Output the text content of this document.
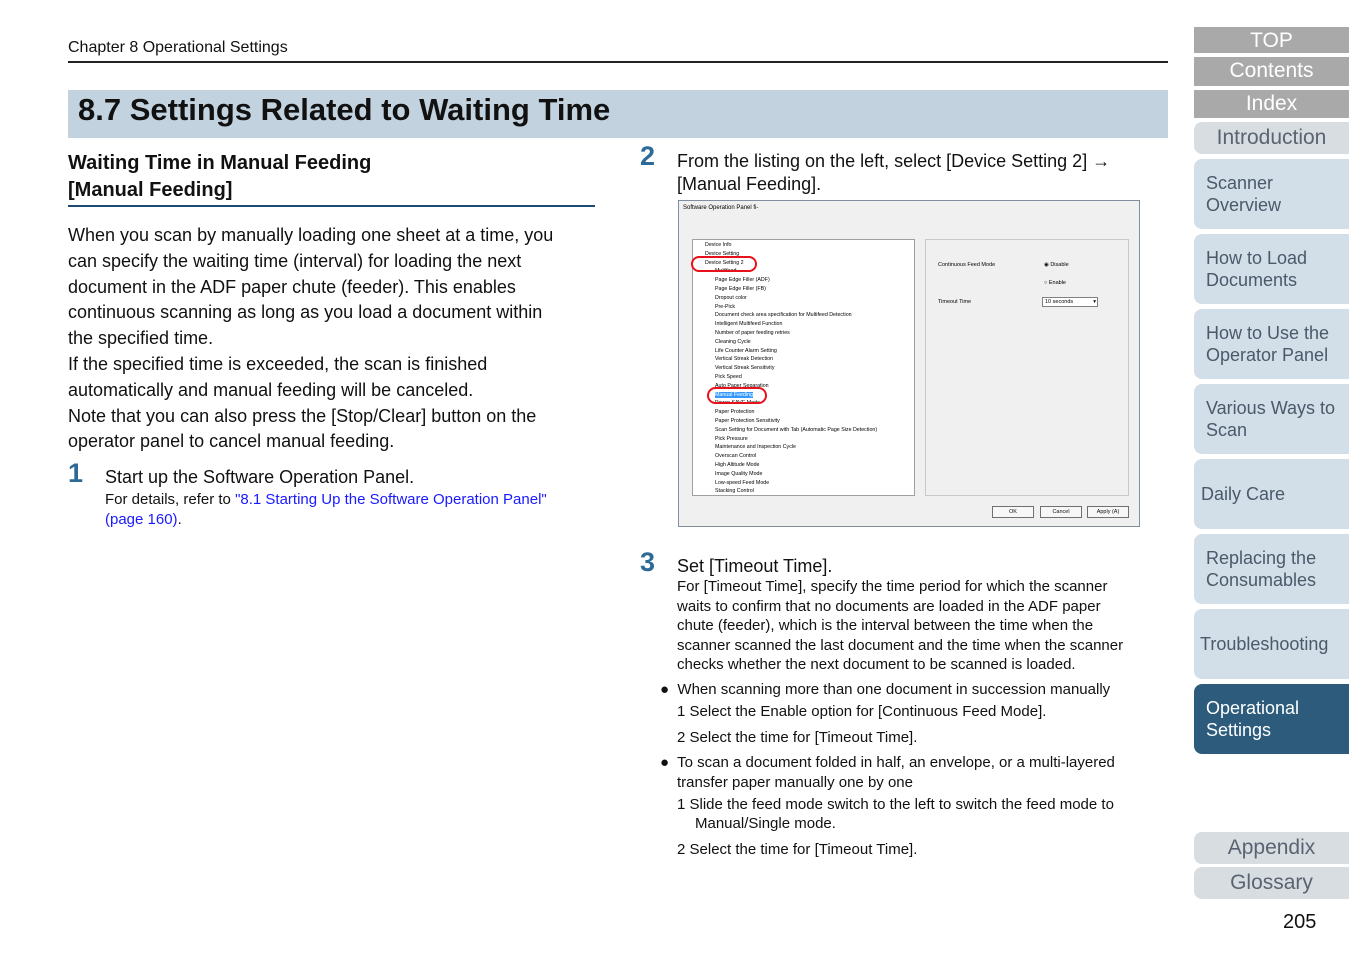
Chapter 8 Operational Settings
8.7 Settings Related to Waiting Time
Waiting Time in Manual Feeding
[Manual Feeding]
When you scan by manually loading one sheet at a time, you
can specify the waiting time (interval) for loading the next
document in the ADF paper chute (feeder). This enables
continuous scanning as long as you load a document within
the specified time.
If the specified time is exceeded, the scan is finished
automatically and manual feeding will be canceled.
Note that you can also press the [Stop/Clear] button on the
operator panel to cancel manual feeding.
1 Start up the Software Operation Panel.
For details, refer to "8.1 Starting Up the Software Operation Panel"
(page 160).
2 From the listing on the left, select [Device Setting 2] →
[Manual Feeding].
Software Operation Panel fi-
Device Info
Device Setting
Device Setting 2
Multifeed
Page Edge Filler (ADF)
Page Edge Filler (FB)
Dropout color
Pre-Pick
Document check area specification for Multifeed Detection
Intelligent Multifeed Function
Number of paper feeding retries
Cleaning Cycle
Life Counter Alarm Setting
Vertical Streak Detection
Vertical Streak Sensitivity
Pick Speed
Auto Paper Separation
Manual Feeding
Power SAVE Mode
Paper Protection
Paper Protection Sensitivity
Scan Setting for Document with Tab (Automatic Page Size Detection)
Pick Pressure
Maintenance and Inspection Cycle
Overscan Control
High Altitude Mode
Image Quality Mode
Low-speed Feed Mode
Stacking Control
Continuous Feed Mode	◉ Disable
○ Enable
Timeout Time	10 seconds	▾
OK	Cancel	Apply (A)
3 Set [Timeout Time].
For [Timeout Time], specify the time period for which the scanner
waits to confirm that no documents are loaded in the ADF paper
chute (feeder), which is the interval between the time when the
scanner scanned the last document and the time when the scanner
checks whether the next document to be scanned is loaded.
● When scanning more than one document in succession manually
1 Select the Enable option for [Continuous Feed Mode].
2 Select the time for [Timeout Time].
● To scan a document folded in half, an envelope, or a multi-layered
transfer paper manually one by one
1 Slide the feed mode switch to the left to switch the feed mode to
Manual/Single mode.
2 Select the time for [Timeout Time].
TOP
Contents
Index
Introduction
Scanner Overview
How to Load Documents
How to Use the Operator Panel
Various Ways to Scan
Daily Care
Replacing the Consumables
Troubleshooting
Operational Settings
Appendix
Glossary
205
